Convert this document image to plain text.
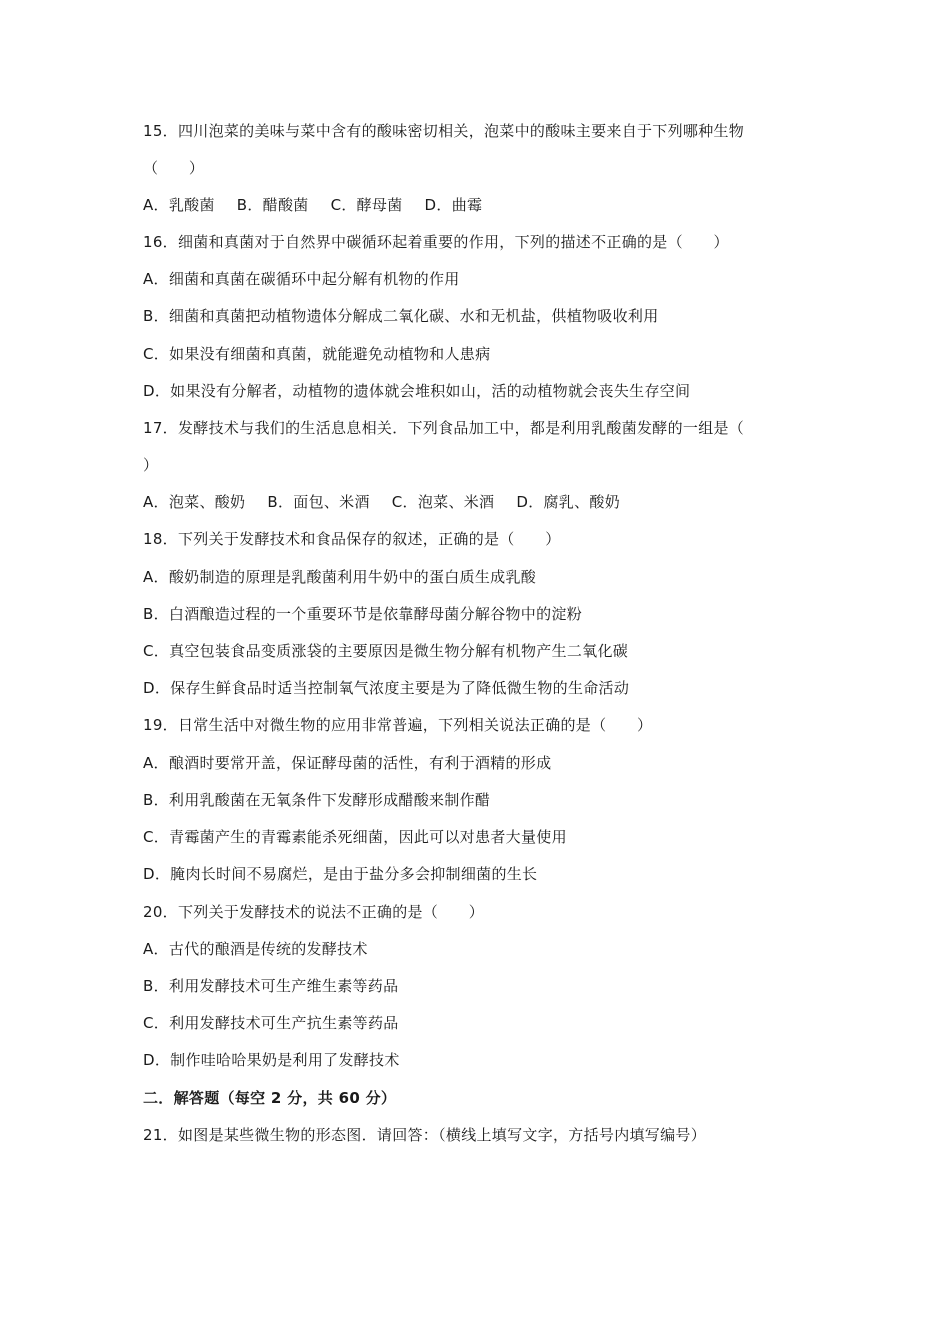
15．四川泡菜的美味与菜中含有的酸味密切相关，泡菜中的酸味主要来自于下列哪种生物
（　　）
A．乳酸菌 B．醋酸菌 C．酵母菌 D．曲霉
16．细菌和真菌对于自然界中碳循环起着重要的作用，下列的描述不正确的是（　　）
A．细菌和真菌在碳循环中起分解有机物的作用
B．细菌和真菌把动植物遗体分解成二氧化碳、水和无机盐，供植物吸收利用
C．如果没有细菌和真菌，就能避免动植物和人患病
D．如果没有分解者，动植物的遗体就会堆积如山，活的动植物就会丧失生存空间
17．发酵技术与我们的生活息息相关．下列食品加工中，都是利用乳酸菌发酵的一组是（
）
A．泡菜、酸奶 B．面包、米酒 C．泡菜、米酒 D．腐乳、酸奶
18．下列关于发酵技术和食品保存的叙述，正确的是（　　）
A．酸奶制造的原理是乳酸菌利用牛奶中的蛋白质生成乳酸
B．白酒酿造过程的一个重要环节是依靠酵母菌分解谷物中的淀粉
C．真空包装食品变质涨袋的主要原因是微生物分解有机物产生二氧化碳
D．保存生鲜食品时适当控制氧气浓度主要是为了降低微生物的生命活动
19．日常生活中对微生物的应用非常普遍，下列相关说法正确的是（　　）
A．酿酒时要常开盖，保证酵母菌的活性，有利于酒精的形成
B．利用乳酸菌在无氧条件下发酵形成醋酸来制作醋
C．青霉菌产生的青霉素能杀死细菌，因此可以对患者大量使用
D．腌肉长时间不易腐烂，是由于盐分多会抑制细菌的生长
20．下列关于发酵技术的说法不正确的是（　　）
A．古代的酿酒是传统的发酵技术
B．利用发酵技术可生产维生素等药品
C．利用发酵技术可生产抗生素等药品
D．制作哇哈哈果奶是利用了发酵技术
二．解答题（每空 2 分，共 60 分）
21．如图是某些微生物的形态图．请回答：（横线上填写文字，方括号内填写编号）
